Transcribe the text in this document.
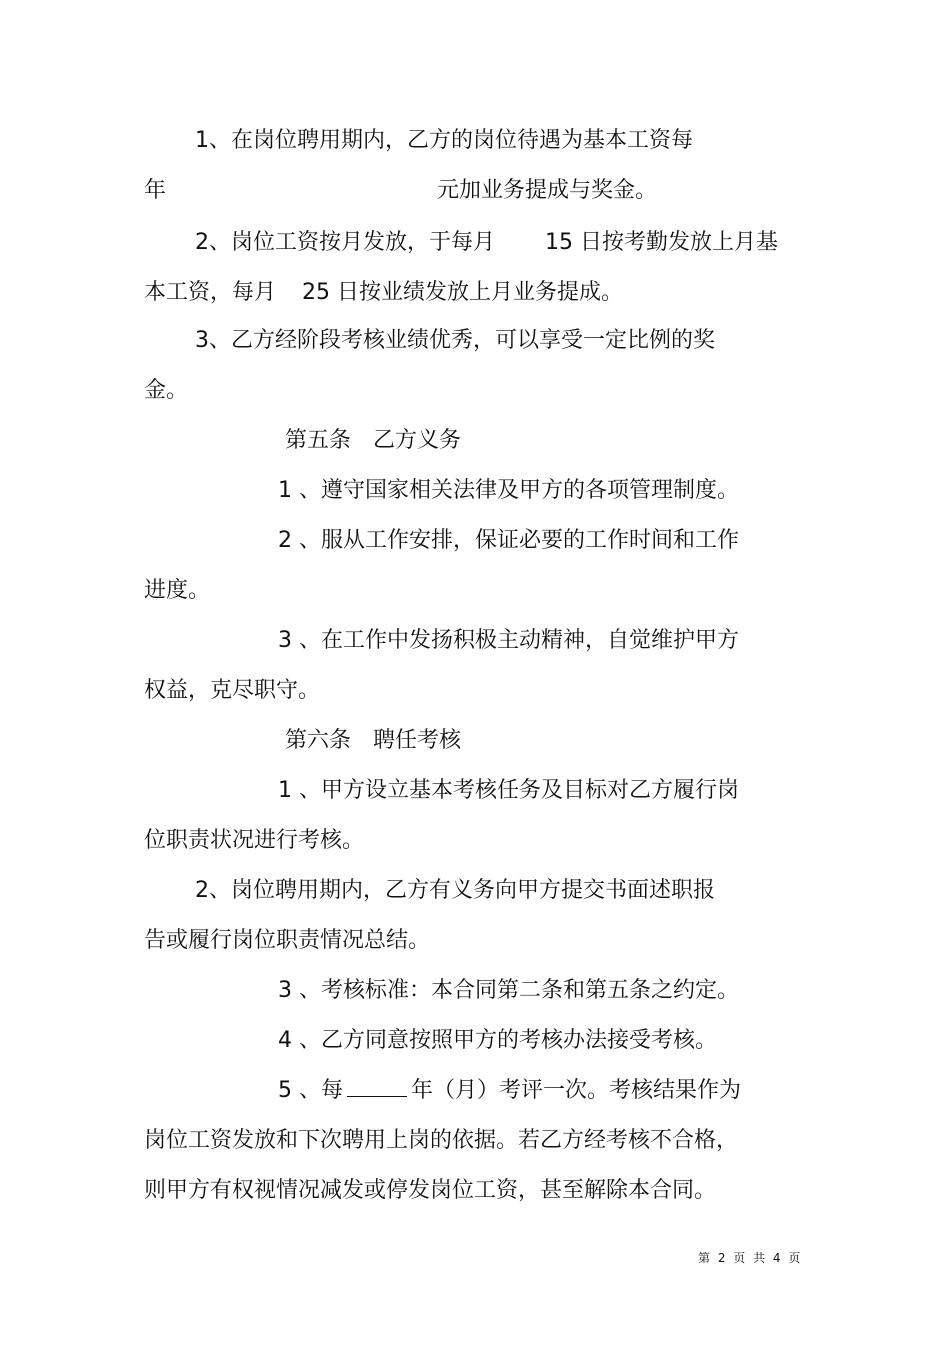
1、在岗位聘用期内，乙方的岗位待遇为基本工资每

年	元加业务提成与奖金。

2、岗位工资按月发放，于每月 15 日按考勤发放上月基

本工资，每月 25 日按业绩发放上月业务提成。

3、乙方经阶段考核业绩优秀，可以享受一定比例的奖

金。

第五条　乙方义务

1 、遵守国家相关法律及甲方的各项管理制度。

2 、服从工作安排，保证必要的工作时间和工作

进度。

3 、在工作中发扬积极主动精神，自觉维护甲方

权益，克尽职守。

第六条　聘任考核

1 、甲方设立基本考核任务及目标对乙方履行岗

位职责状况进行考核。

2、岗位聘用期内，乙方有义务向甲方提交书面述职报

告或履行岗位职责情况总结。

3 、考核标准：本合同第二条和第五条之约定。

4 、乙方同意按照甲方的考核办法接受考核。

5 、每	年（月）考评一次。考核结果作为

岗位工资发放和下次聘用上岗的依据。若乙方经考核不合格，

则甲方有权视情况减发或停发岗位工资，甚至解除本合同。

第 2 页 共 4 页
